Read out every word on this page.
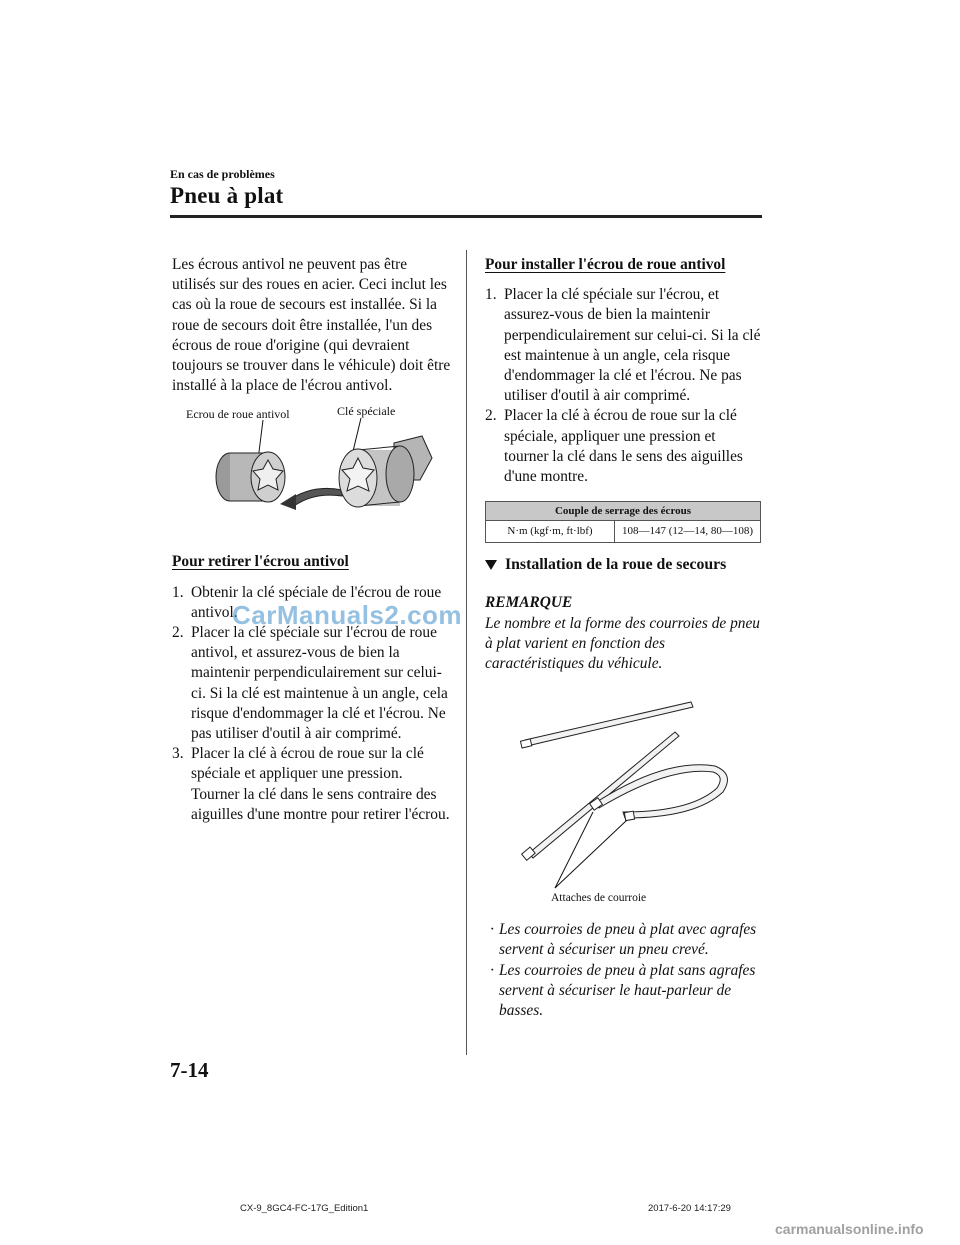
En cas de problèmes
Pneu à plat

Les écrous antivol ne peuvent pas être utilisés sur des roues en acier. Ceci inclut les cas où la roue de secours est installée. Si la roue de secours doit être installée, l'un des écrous de roue d'origine (qui devraient toujours se trouver dans le véhicule) doit être installé à la place de l'écrou antivol.

Ecrou de roue antivol	Clé spéciale
Pour retirer l'écrou antivol
1. Obtenir la clé spéciale de l'écrou de roue antivol.
2. Placer la clé spéciale sur l'écrou de roue antivol, et assurez-vous de bien la maintenir perpendiculairement sur celui-ci. Si la clé est maintenue à un angle, cela risque d'endommager la clé et l'écrou. Ne pas utiliser d'outil à air comprimé.
3. Placer la clé à écrou de roue sur la clé spéciale et appliquer une pression. Tourner la clé dans le sens contraire des aiguilles d'une montre pour retirer l'écrou.
Pour installer l'écrou de roue antivol
1. Placer la clé spéciale sur l'écrou, et assurez-vous de bien la maintenir perpendiculairement sur celui-ci. Si la clé est maintenue à un angle, cela risque d'endommager la clé et l'écrou. Ne pas utiliser d'outil à air comprimé.
2. Placer la clé à écrou de roue sur la clé spéciale, appliquer une pression et tourner la clé dans le sens des aiguilles d'une montre.
Couple de serrage des écrous
N·m (kgf·m, ft·lbf)	108—147 (12—14, 80—108)
Installation de la roue de secours
REMARQUE

Le nombre et la forme des courroies de pneu à plat varient en fonction des caractéristiques du véhicule.

Attaches de courroie
· Les courroies de pneu à plat avec agrafes servent à sécuriser un pneu crevé.
· Les courroies de pneu à plat sans agrafes servent à sécuriser le haut-parleur de basses.
CarManuals2.com
7-14
CX-9_8GC4-FC-17G_Edition1	2017-6-20 14:17:29
carmanualsonline.info
